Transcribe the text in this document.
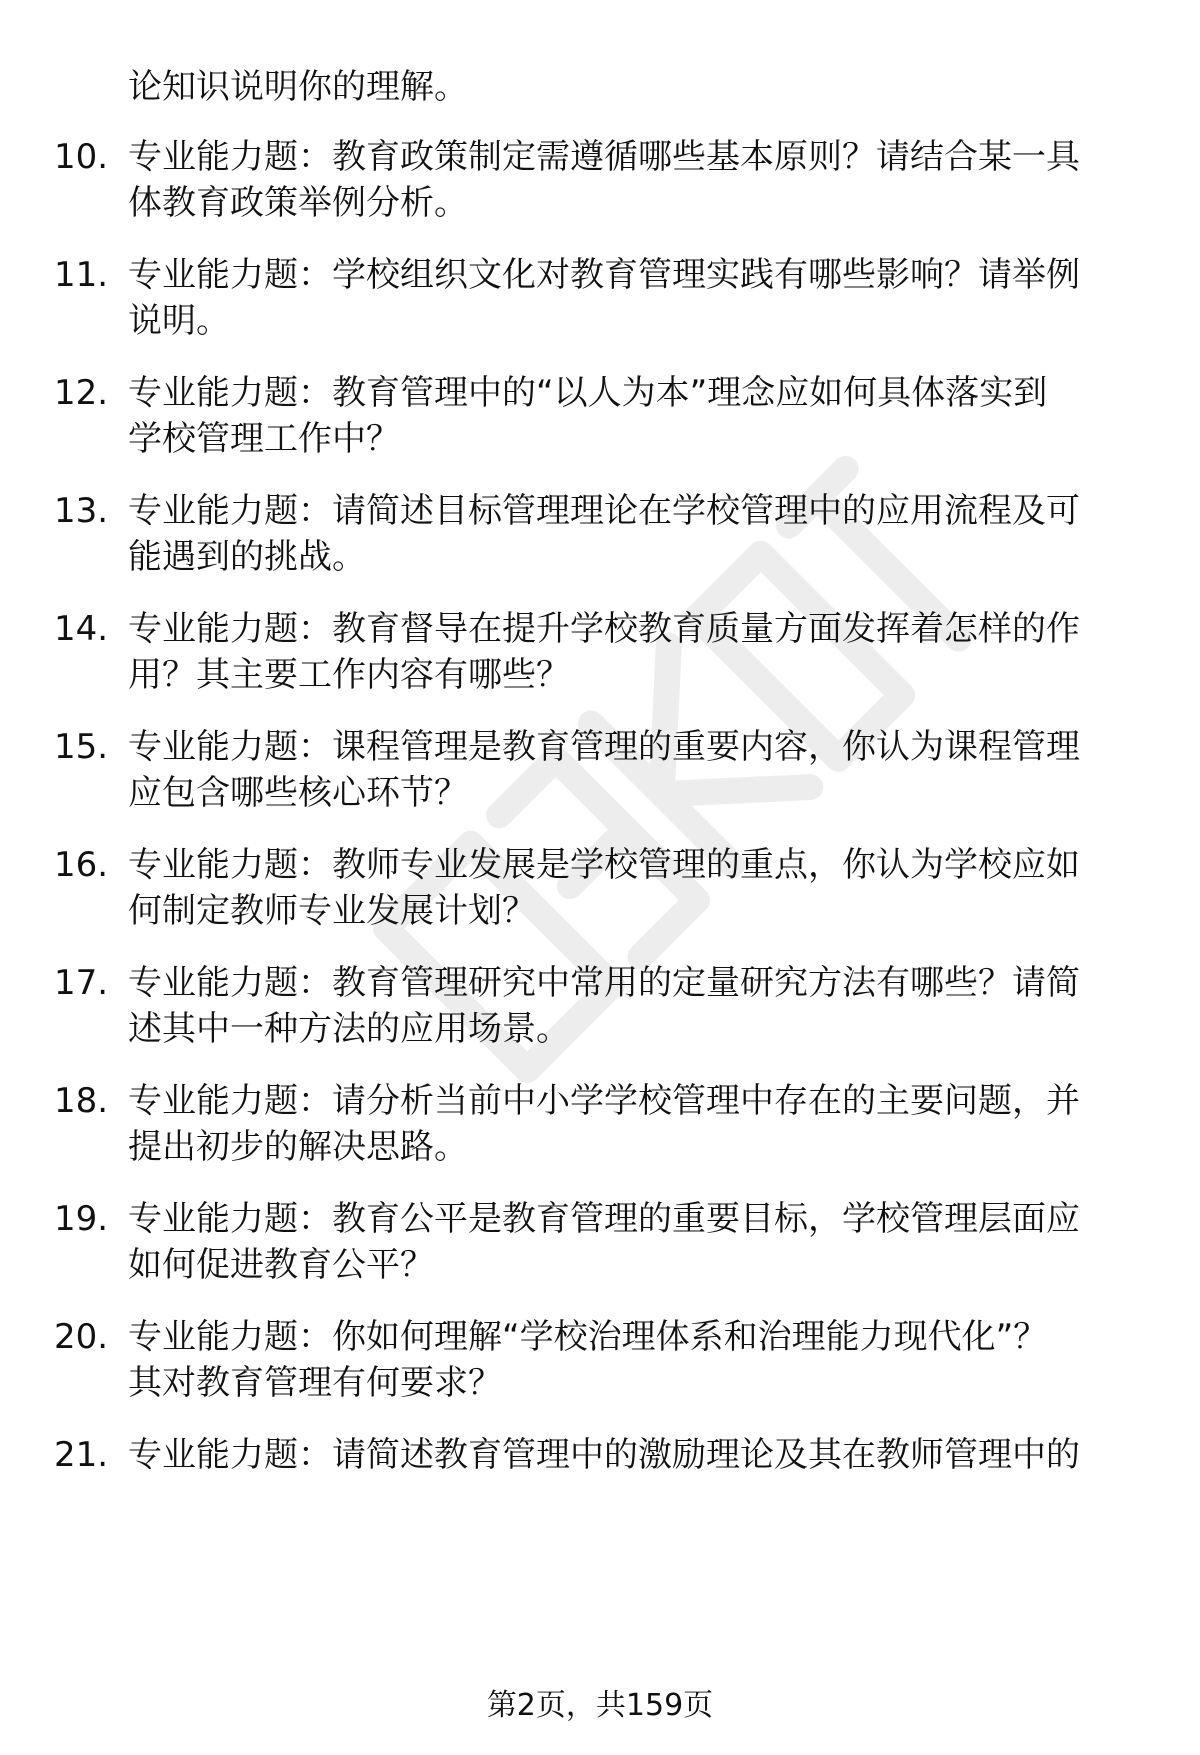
论知识说明你的理解。
10. 专业能力题：教育政策制定需遵循哪些基本原则？请结合某一具
体教育政策举例分析。
11. 专业能力题：学校组织文化对教育管理实践有哪些影响？请举例
说明。
12. 专业能力题：教育管理中的“以人为本”理念应如何具体落实到
学校管理工作中？
13. 专业能力题：请简述目标管理理论在学校管理中的应用流程及可
能遇到的挑战。
14. 专业能力题：教育督导在提升学校教育质量方面发挥着怎样的作
用？其主要工作内容有哪些？
15. 专业能力题：课程管理是教育管理的重要内容，你认为课程管理
应包含哪些核心环节？
16. 专业能力题：教师专业发展是学校管理的重点，你认为学校应如
何制定教师专业发展计划？
17. 专业能力题：教育管理研究中常用的定量研究方法有哪些？请简
述其中一种方法的应用场景。
18. 专业能力题：请分析当前中小学学校管理中存在的主要问题，并
提出初步的解决思路。
19. 专业能力题：教育公平是教育管理的重要目标，学校管理层面应
如何促进教育公平？
20. 专业能力题：你如何理解“学校治理体系和治理能力现代化”？
其对教育管理有何要求？
21. 专业能力题：请简述教育管理中的激励理论及其在教师管理中的
第2页，共159页
